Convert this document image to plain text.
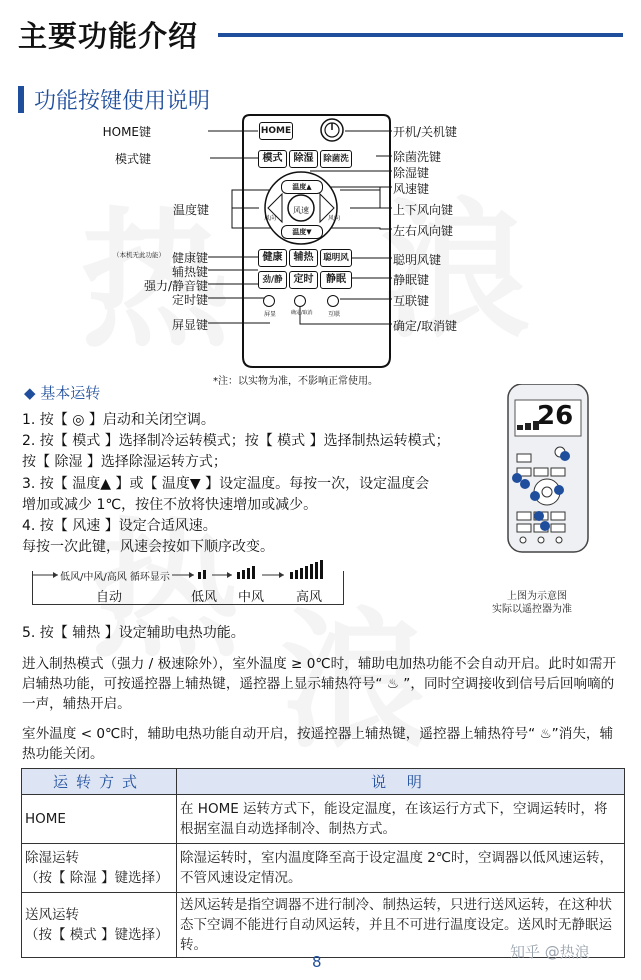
主要功能介绍
功能按键使用说明
HOME键
模式键
温度键
（本机无此功能） 健康键
辅热键
强力/静音键
定时键
屏显键
开机/关机键
除菌洗键
除湿键
风速键
上下风向键
左右风向键
聪明风键
静眠键
互联键
确定/取消键
HOME
模式	除湿	除菌洗
温度▲
温度▼
风向
风速
风向
健康	辅热	聪明风
劲/静	定时	静眠
屏显	确定/取消	互联
*注：以实物为准，不影响正常使用。
◆ 基本运转
1. 按【 ◎ 】启动和关闭空调。
2. 按【 模式 】选择制冷运转模式；按【 模式 】选择制热运转模式；
按【 除湿 】选择除湿运转方式；
3. 按【 温度▲ 】或【 温度▼ 】设定温度。每按一次，设定温度会
增加或减少 1℃，按住不放将快速增加或减少。
4. 按【 风速 】设定合适风速。
每按一次此键，风速会按如下顺序改变。
低风/中风/高风 循环显示
自动	低风 中风 高风
5. 按【 辅热 】设定辅助电热功能。
26
上图为示意图
实际以遥控器为准
进入制热模式（强力 / 极速除外），室外温度 ≥ 0℃时，辅助电加热功能不会自动开启。此时如需开启辅热功能，可按遥控器上辅热键，遥控器上显示辅热符号“ ♨ ”，同时空调接收到信号后回响嘀的一声，辅热开启。
室外温度 < 0℃时，辅助电热功能自动开启，按遥控器上辅热键，遥控器上辅热符号“ ♨”消失，辅热功能关闭。
运转方式	说 明
HOME	在 HOME 运转方式下，能设定温度，在该运行方式下，空调运转时，将根据室温自动选择制冷、制热方式。

除湿运转
（按【 除湿 】键选择）	除湿运转时，室内温度降至高于设定温度 2℃时，空调器以低风速运转，不管风速设定情况。

送风运转
（按【 模式 】键选择）	送风运转是指空调器不进行制冷、制热运转，只进行送风运转，在这种状态下空调不能进行自动风运转，并且不可进行温度设定。送风时无静眠运转。
8
知乎 @热浪
